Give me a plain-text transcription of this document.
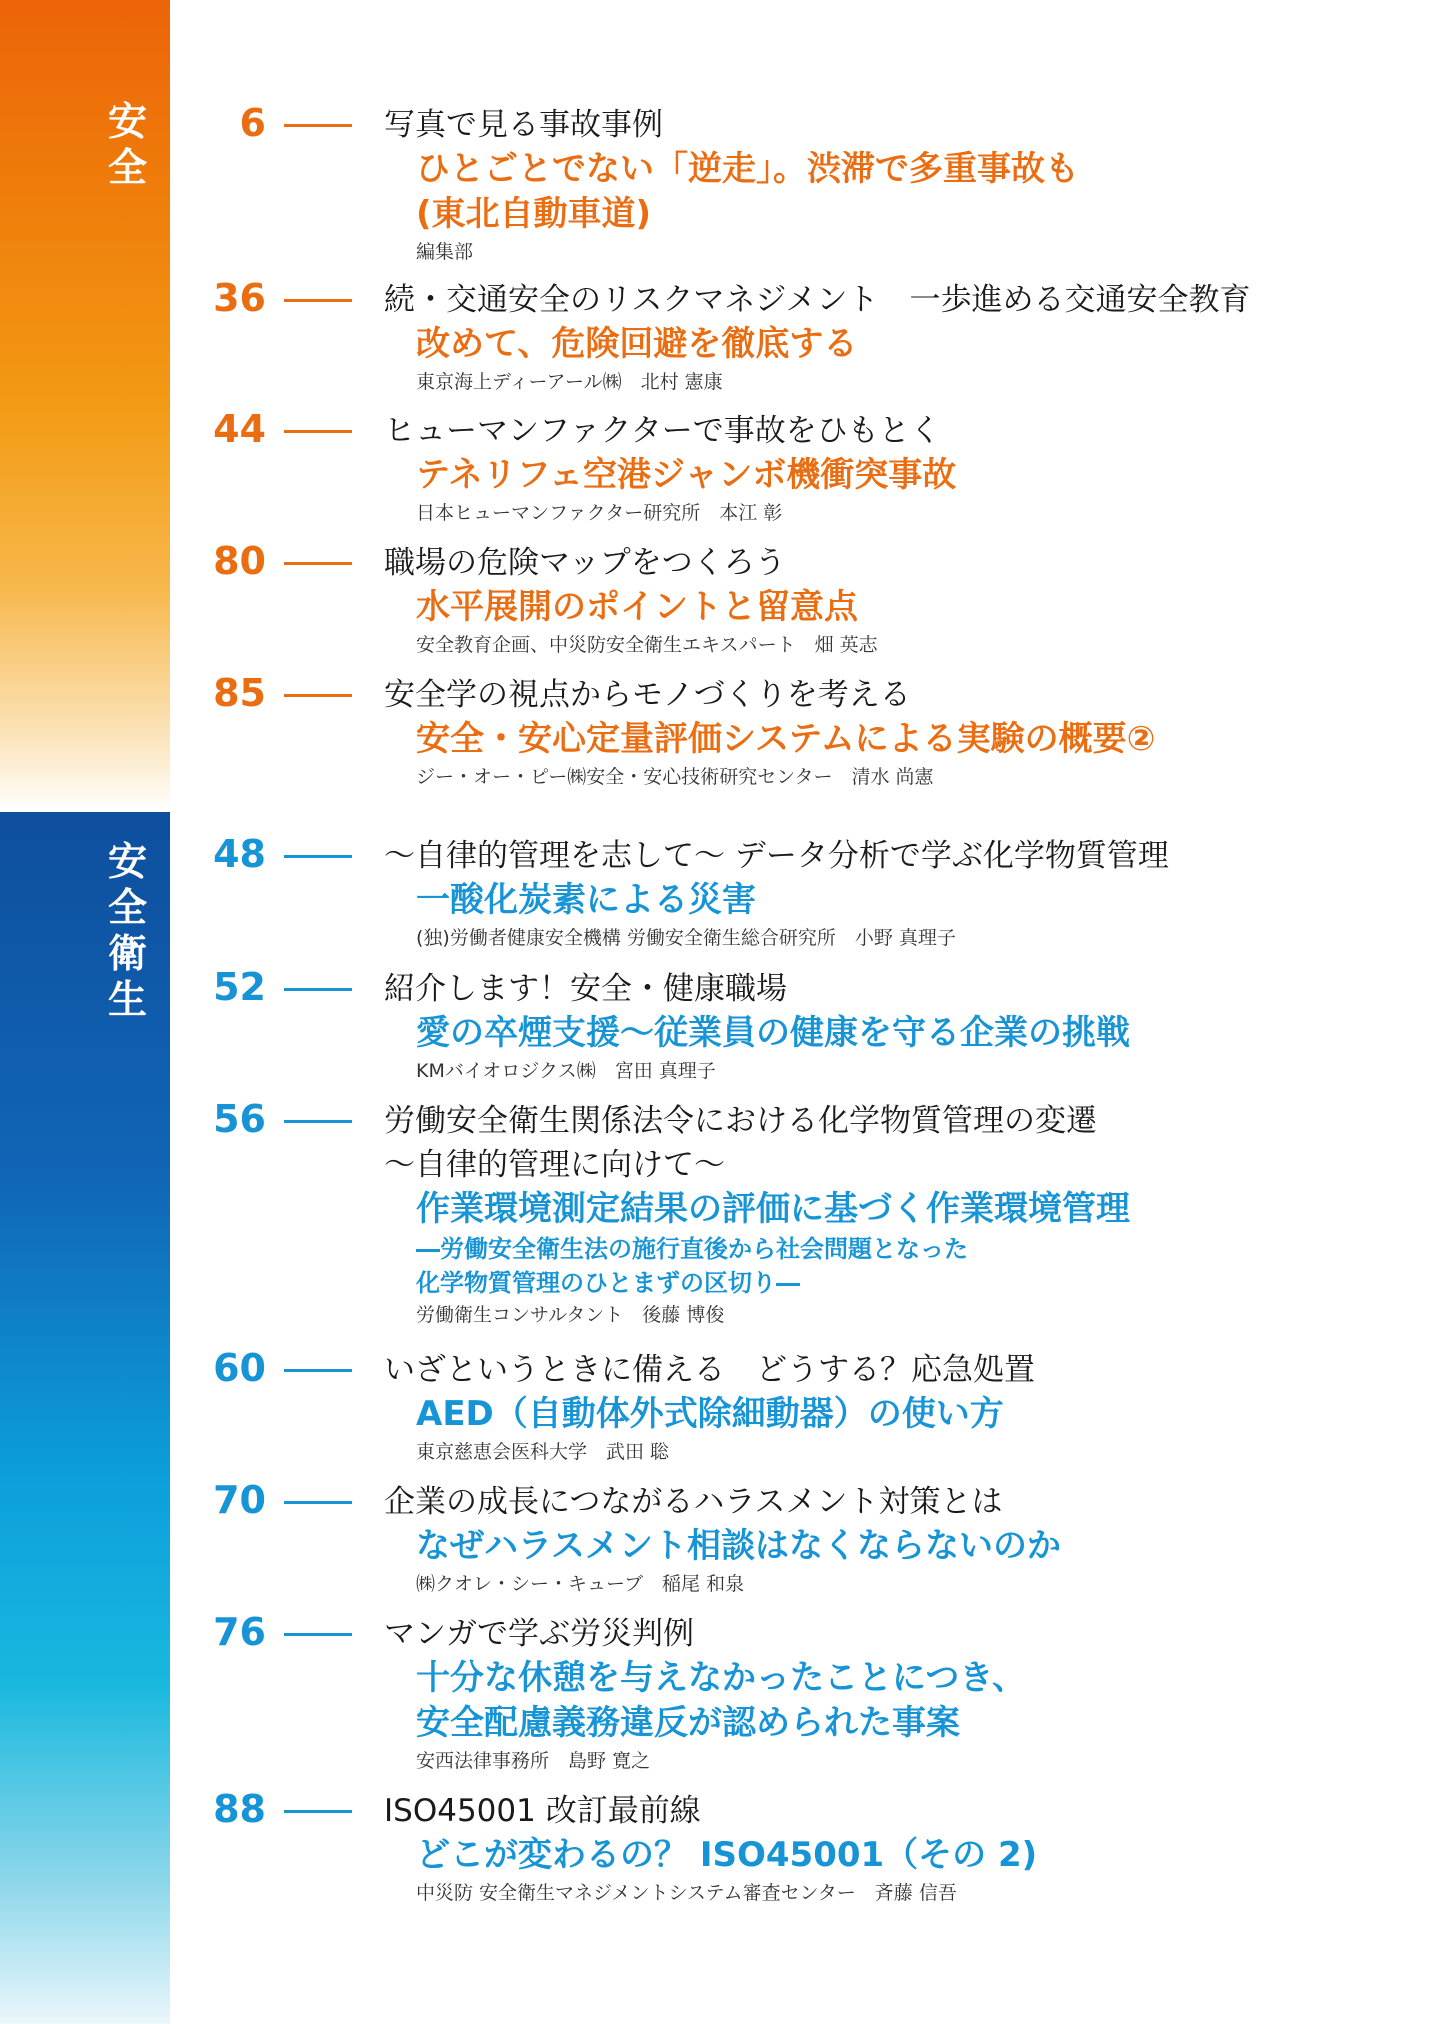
安
全
安
全
衛
生
6	写真で見る事故事例
ひとごとでない「逆走」。渋滞で多重事故も
(東北自動車道)
編集部
36	続・交通安全のリスクマネジメント　一歩進める交通安全教育
改めて、危険回避を徹底する
東京海上ディーアール㈱　北村 憲康
44	ヒューマンファクターで事故をひもとく
テネリフェ空港ジャンボ機衝突事故
日本ヒューマンファクター研究所　本江 彰
80	職場の危険マップをつくろう
水平展開のポイントと留意点
安全教育企画、中災防安全衛生エキスパート　畑 英志
85	安全学の視点からモノづくりを考える
安全・安心定量評価システムによる実験の概要②
ジー・オー・ピー㈱安全・安心技術研究センター　清水 尚憲
48	〜自律的管理を志して〜 データ分析で学ぶ化学物質管理
一酸化炭素による災害
(独)労働者健康安全機構 労働安全衛生総合研究所　小野 真理子
52	紹介します！安全・健康職場
愛の卒煙支援〜従業員の健康を守る企業の挑戦
KMバイオロジクス㈱　宮田 真理子
56	労働安全衛生関係法令における化学物質管理の変遷
〜自律的管理に向けて〜
作業環境測定結果の評価に基づく作業環境管理
―労働安全衛生法の施行直後から社会問題となった
化学物質管理のひとまずの区切り―
労働衛生コンサルタント　後藤 博俊
60	いざというときに備える　どうする？応急処置
AED（自動体外式除細動器）の使い方
東京慈恵会医科大学　武田 聡
70	企業の成長につながるハラスメント対策とは
なぜハラスメント相談はなくならないのか
㈱クオレ・シー・キューブ　稲尾 和泉
76	マンガで学ぶ労災判例
十分な休憩を与えなかったことにつき、
安全配慮義務違反が認められた事案
安西法律事務所　島野 寛之
88	ISO45001 改訂最前線
どこが変わるの？ ISO45001（その 2)
中災防 安全衛生マネジメントシステム審査センター　斉藤 信吾
